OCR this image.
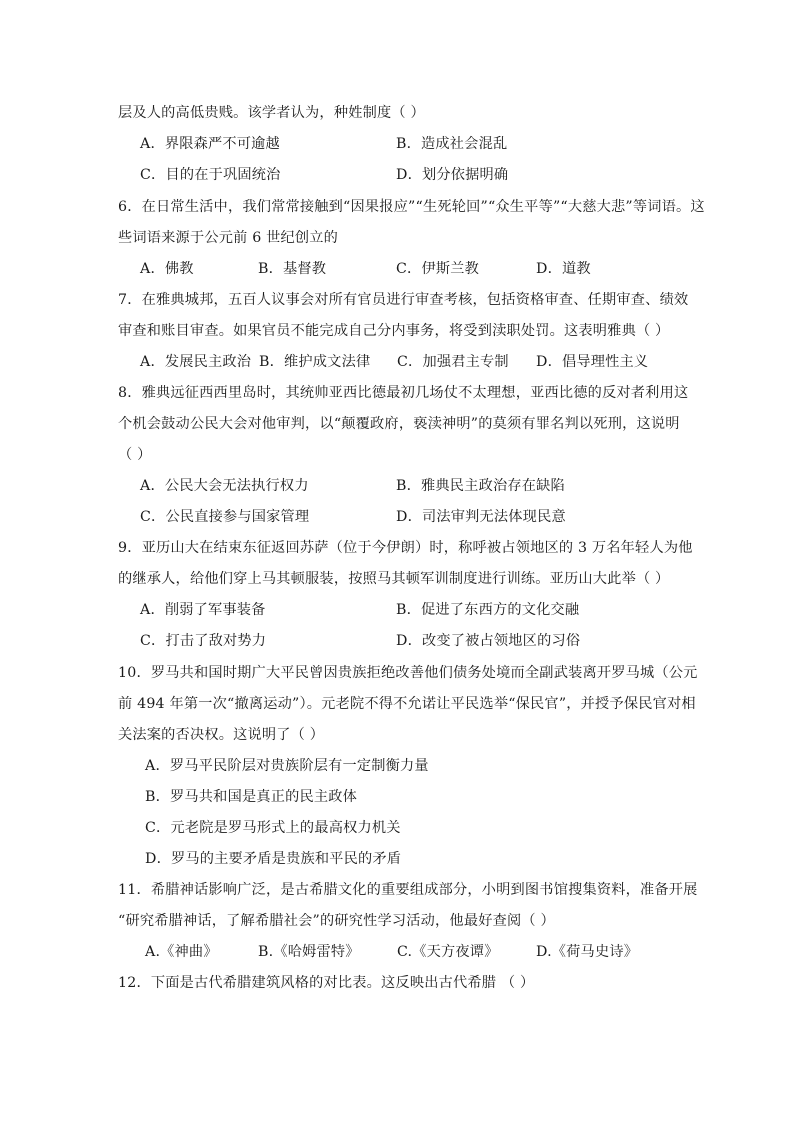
层及人的高低贵贱。该学者认为，种姓制度（ ）
A．界限森严不可逾越	B．造成社会混乱
C．目的在于巩固统治	D．划分依据明确
6．在日常生活中，我们常常接触到“因果报应”“生死轮回”“众生平等”“大慈大悲”等词语。这
些词语来源于公元前 6 世纪创立的
A．佛教	B．基督教	C．伊斯兰教	D．道教
7．在雅典城邦，五百人议事会对所有官员进行审查考核，包括资格审查、任期审查、绩效
审查和账目审查。如果官员不能完成自己分内事务，将受到渎职处罚。这表明雅典（ ）
A．发展民主政治 B．维护成文法律 C．加强君主专制 D．倡导理性主义
8．雅典远征西西里岛时，其统帅亚西比德最初几场仗不太理想，亚西比德的反对者利用这
个机会鼓动公民大会对他审判，以“颠覆政府，亵渎神明”的莫须有罪名判以死刑，这说明
（ ）
A．公民大会无法执行权力	B．雅典民主政治存在缺陷
C．公民直接参与国家管理	D．司法审判无法体现民意
9．亚历山大在结束东征返回苏萨（位于今伊朗）时，称呼被占领地区的 3 万名年轻人为他
的继承人，给他们穿上马其顿服装，按照马其顿军训制度进行训练。亚历山大此举（ ）
A．削弱了军事装备	B．促进了东西方的文化交融
C．打击了敌对势力	D．改变了被占领地区的习俗
10．罗马共和国时期广大平民曾因贵族拒绝改善他们债务处境而全副武装离开罗马城（公元
前 494 年第一次“撤离运动”）。元老院不得不允诺让平民选举“保民官”，并授予保民官对相
关法案的否决权。这说明了（ ）
A．罗马平民阶层对贵族阶层有一定制衡力量
B．罗马共和国是真正的民主政体
C．元老院是罗马形式上的最高权力机关
D．罗马的主要矛盾是贵族和平民的矛盾
11．希腊神话影响广泛，是古希腊文化的重要组成部分，小明到图书馆搜集资料，准备开展
“研究希腊神话，了解希腊社会”的研究性学习活动，他最好查阅（ ）
A.《神曲》	B.《哈姆雷特》	C.《天方夜谭》	D.《荷马史诗》
12．下面是古代希腊建筑风格的对比表。这反映出古代希腊 （ ）
